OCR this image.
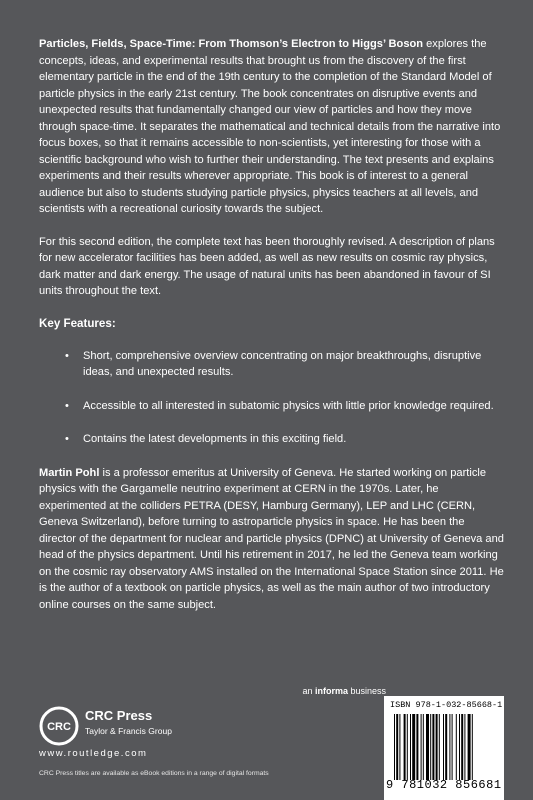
Particles, Fields, Space-Time: From Thomson’s Electron to Higgs’ Boson explores the concepts, ideas, and experimental results that brought us from the discovery of the first elementary particle in the end of the 19th century to the completion of the Standard Model of particle physics in the early 21st century. The book concentrates on disruptive events and unexpected results that fundamentally changed our view of particles and how they move through space-time. It separates the mathematical and technical details from the narrative into focus boxes, so that it remains accessible to non-scientists, yet interesting for those with a scientific background who wish to further their understanding. The text presents and explains experiments and their results wherever appropriate. This book is of interest to a general audience but also to students studying particle physics, physics teachers at all levels, and scientists with a recreational curiosity towards the subject.

For this second edition, the complete text has been thoroughly revised. A description of plans for new accelerator facilities has been added, as well as new results on cosmic ray physics, dark matter and dark energy. The usage of natural units has been abandoned in favour of SI units throughout the text.

Key Features:
•	Short, comprehensive overview concentrating on major breakthroughs, disruptive ideas, and unexpected results.
•	Accessible to all interested in subatomic physics with little prior knowledge required.
•	Contains the latest developments in this exciting field.

Martin Pohl is a professor emeritus at University of Geneva. He started working on particle physics with the Gargamelle neutrino experiment at CERN in the 1970s. Later, he experimented at the colliders PETRA (DESY, Hamburg Germany), LEP and LHC (CERN, Geneva Switzerland), before turning to astroparticle physics in space. He has been the director of the department for nuclear and particle physics (DPNC) at University of Geneva and head of the physics department. Until his retirement in 2017, he led the Geneva team working on the cosmic ray observatory AMS installed on the International Space Station since 2011. He is the author of a textbook on particle physics, as well as the main author of two introductory online courses on the same subject.

an informa business
CRC
CRC Press
Taylor & Francis Group
www.routledge.com
CRC Press titles are available as eBook editions in a range of digital formats
ISBN 978-1-032-85668-1
9 781032 856681
